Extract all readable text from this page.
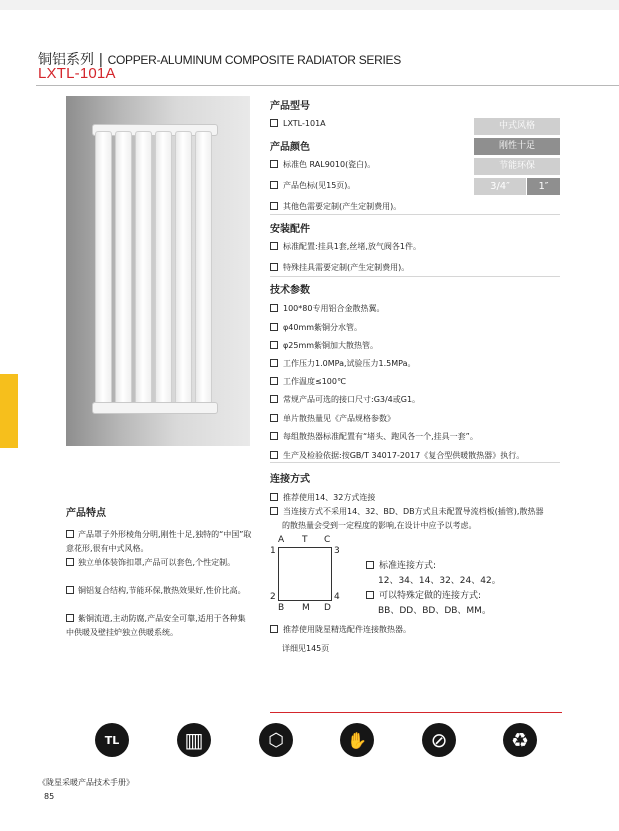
铜铝系列 | COPPER-ALUMINUM COMPOSITE RADIATOR SERIES
LXTL-101A
产品型号
LXTL-101A
产品颜色
标准色 RAL9010(瓷白)。
产品色标(见15页)。
其他色需要定制(产生定制费用)。
中式风格
刚性十足
节能环保
3/4″	1″
安装配件
标准配置:挂具1套,丝堵,放气阀各1件。
特殊挂具需要定制(产生定制费用)。
技术参数
100*80专用铝合金散热翼。
φ40mm紫铜分水管。
φ25mm紫铜加大散热管。
工作压力1.0MPa,试验压力1.5MPa。
工作温度≤100℃
常规产品可选的接口尺寸:G3/4或G1。
单片散热量见《产品规格参数》
每组散热器标准配置有“堵头、跑风各一个,挂具一套”。
生产及检验依据:按GB/T 34017-2017《复合型供暖散热器》执行。
连接方式
推荐使用14、32方式连接
当连接方式不采用14、32、BD、DB方式且未配置导流档板(插管),散热器
的散热量会受到一定程度的影响,在设计中应予以考虑。
A T C
1	3
2	4
B M D
标准连接方式:
12、34、14、32、24、42。
可以特殊定做的连接方式:
BB、DD、BD、DB、MM。
推荐使用陇星精选配件连接散热器。
详细见145页
产品特点
产品罩子外形棱角分明,刚性十足,独特的“中国”取意花形,很有中式风格。
独立单体装饰扣罩,产品可以套色,个性定制。
铜铝复合结构,节能环保,散热效果好,性价比高。
紫铜流道,主动防腐,产品安全可靠,适用于各种集中供暖及壁挂炉独立供暖系统。
TL	▥	⬡	✋	⊘	♻
《陇星采暖产品技术手册》
85
